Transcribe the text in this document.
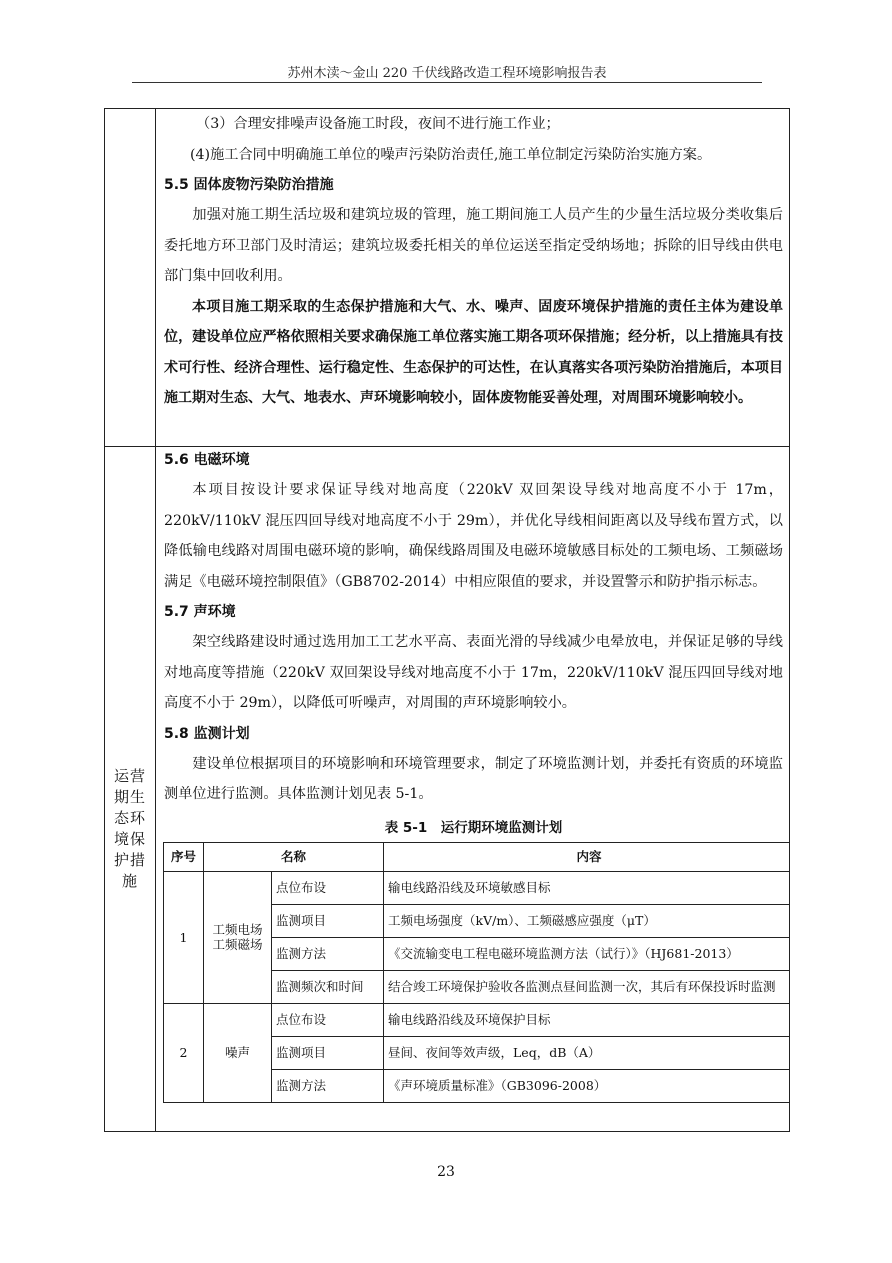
苏州木渎～金山 220 千伏线路改造工程环境影响报告表

（3）合理安排噪声设备施工时段，夜间不进行施工作业；

(4)施工合同中明确施工单位的噪声污染防治责任,施工单位制定污染防治实施方案。

5.5 固体废物污染防治措施

加强对施工期生活垃圾和建筑垃圾的管理，施工期间施工人员产生的少量生活垃圾分类收集后委托地方环卫部门及时清运；建筑垃圾委托相关的单位运送至指定受纳场地；拆除的旧导线由供电部门集中回收利用。

本项目施工期采取的生态保护措施和大气、水、噪声、固废环境保护措施的责任主体为建设单位，建设单位应严格依照相关要求确保施工单位落实施工期各项环保措施；经分析，以上措施具有技术可行性、经济合理性、运行稳定性、生态保护的可达性，在认真落实各项污染防治措施后，本项目施工期对生态、大气、地表水、声环境影响较小，固体废物能妥善处理，对周围环境影响较小。

运营期生态环境保护措施

5.6 电磁环境

本项目按设计要求保证导线对地高度（220kV 双回架设导线对地高度不小于 17m，220kV/110kV 混压四回导线对地高度不小于 29m），并优化导线相间距离以及导线布置方式，以降低输电线路对周围电磁环境的影响，确保线路周围及电磁环境敏感目标处的工频电场、工频磁场满足《电磁环境控制限值》（GB8702-2014）中相应限值的要求，并设置警示和防护指示标志。

5.7 声环境

架空线路建设时通过选用加工工艺水平高、表面光滑的导线减少电晕放电，并保证足够的导线对地高度等措施（220kV 双回架设导线对地高度不小于 17m，220kV/110kV 混压四回导线对地高度不小于 29m），以降低可听噪声，对周围的声环境影响较小。

5.8 监测计划

建设单位根据项目的环境影响和环境管理要求，制定了环境监测计划，并委托有资质的环境监测单位进行监测。具体监测计划见表 5-1。

表 5-1　运行期环境监测计划
序号	名称		内容
1	工频电场工频磁场	点位布设	输电线路沿线及环境敏感目标
		监测项目	工频电场强度（kV/m）、工频磁感应强度（μT）
		监测方法	《交流输变电工程电磁环境监测方法（试行）》（HJ681-2013）
		监测频次和时间	结合竣工环境保护验收各监测点昼间监测一次，其后有环保投诉时监测
2	噪声	点位布设	输电线路沿线及环境保护目标
		监测项目	昼间、夜间等效声级，Leq，dB（A）
		监测方法	《声环境质量标准》（GB3096-2008）
23
